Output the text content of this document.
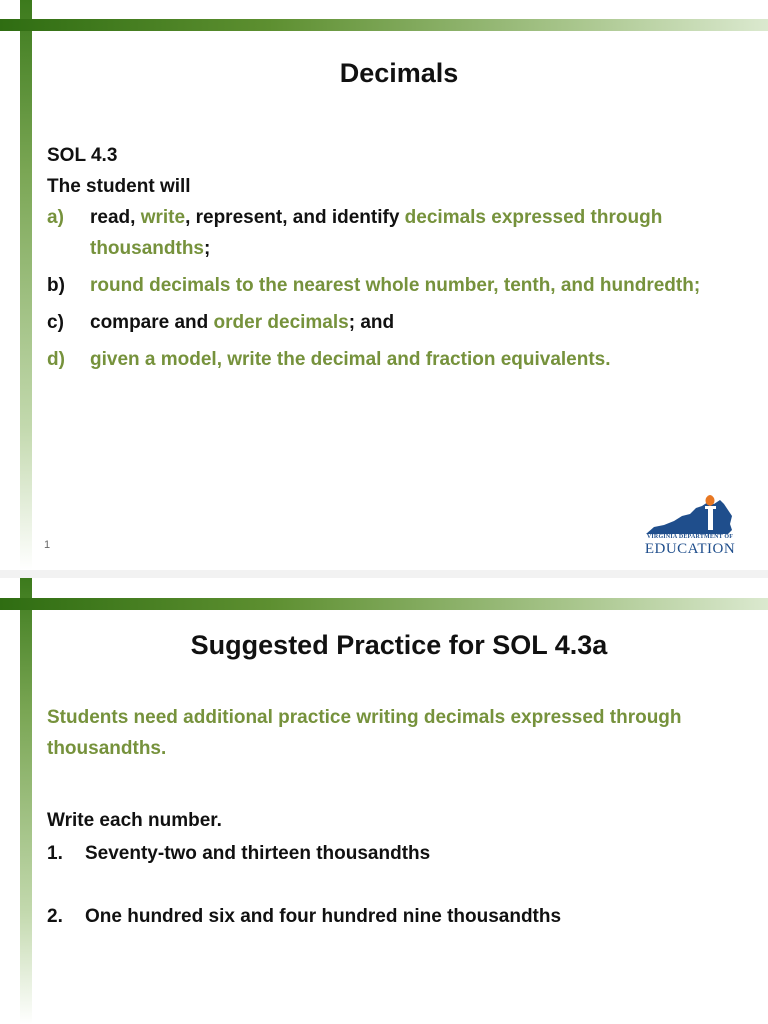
Decimals
SOL 4.3
The student will
a) read, write, represent, and identify decimals expressed through thousandths;
b) round decimals to the nearest whole number, tenth, and hundredth;
c) compare and order decimals; and
d) given a model, write the decimal and fraction equivalents.
1
VIRGINIA DEPARTMENT OF
EDUCATION
Suggested Practice for SOL 4.3a
Students need additional practice writing decimals expressed through thousandths.
Write each number.
1. Seventy-two and thirteen thousandths
2. One hundred six and four hundred nine thousandths
